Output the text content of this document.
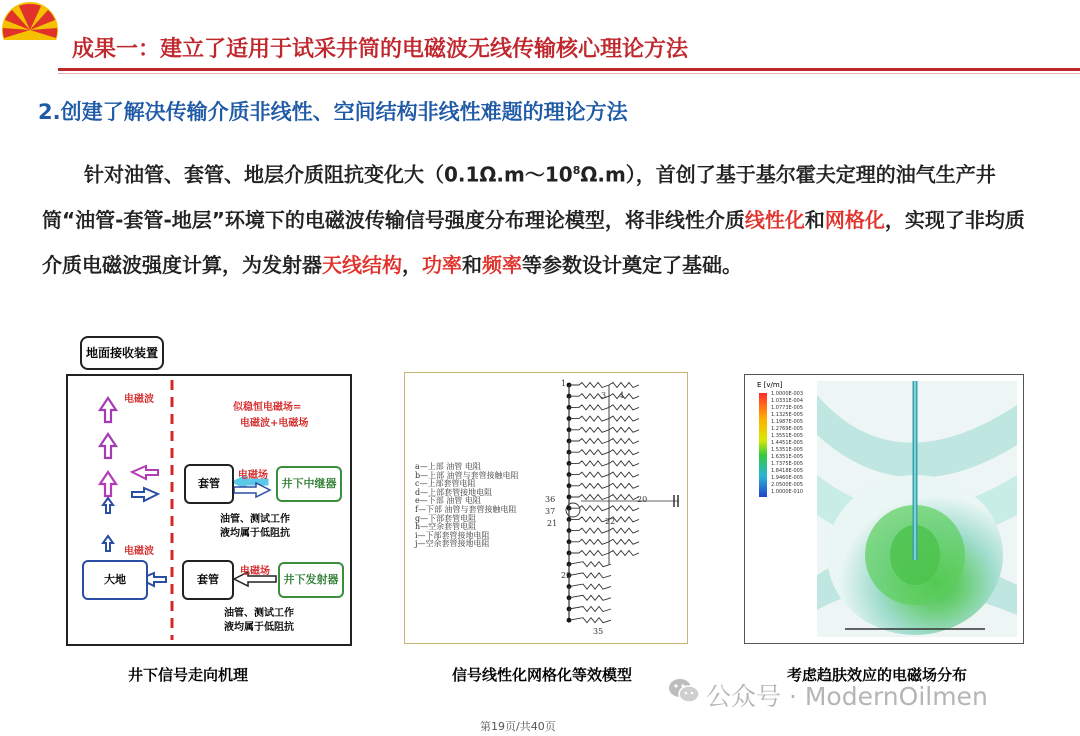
成果一：建立了适用于试采井筒的电磁波无线传输核心理论方法
2.创建了解决传输介质非线性、空间结构非线性难题的理论方法
针对油管、套管、地层介质阻抗变化大$(0.1\Omega.m\sim 10^8\Omega.m)$，首创了基于基尔霍夫定理的油气生产井筒“油管-套管-地层”环境下的电磁波传输信号强度分布理论模型，将非线性介质线性化和网格化，实现了非均质介质电磁波强度计算，为发射器天线结构，功率和频率等参数设计奠定了基础。
地面接收装置
电磁波
似稳恒电磁场=
电磁波+电磁场
套管
电磁场
井下中继器
油管、测试工作
液均属于低阻抗
电磁波
大地	套管
电磁场
井下发射器
油管、测试工作
液均属于低阻抗
井下信号走向机理
a—上部 油管 电阻
b—上部 油管与套管接触电阻
c—上部套管电阻
d—上部套管接地电阻
e—下部 油管 电阻
f—下部 油管与套管接触电阻
g—下部套管电阻
h—空余套管电阻
i—下部套管接地电阻
j—空余套管接地电阻
1
3 4
36	20
37
21	22
29
35
信号线性化网格化等效模型
E [v/m]
1.0000E-003
1.0331E-004
1.0773E-005
1.1325E-005
1.1987E-005
1.2769E-005
1.3551E-005
1.4451E-005
1.5351E-005
1.6351E-005
1.7375E-005
1.8418E-005
1.9460E-005
2.0500E-005
1.0000E-010
考虑趋肤效应的电磁场分布
公众号 · ModernOilmen
第19页/共40页
